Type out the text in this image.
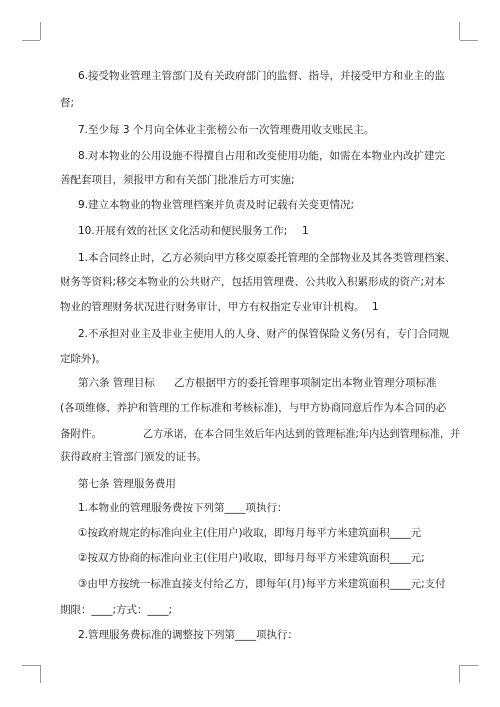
6.接受物业管理主管部门及有关政府部门的监督、指导，并接受甲方和业主的监
督;
7.至少每 3 个月向全体业主张榜公布一次管理费用收支账民主。
8.对本物业的公用设施不得擅自占用和改变使用功能，如需在本物业内改扩建完
善配套项目，须报甲方和有关部门批准后方可实施;
9.建立本物业的物业管理档案并负责及时记载有关变更情况;
10.开展有效的社区文化活动和便民服务工作; 1
1.本合同终止时，乙方必须向甲方移交原委托管理的全部物业及其各类管理档案、
财务等资料;移交本物业的公共财产，包括用管理费、公共收入积累形成的资产;对本
物业的管理财务状况进行财务审计，甲方有权指定专业审计机构。 1
2.不承担对业主及非业主使用人的人身、财产的保管保险义务(另有，专门合同规
定除外)。
第六条 管理目标 乙方根据甲方的委托管理事项制定出本物业管理分项标准
(各项维修、养护和管理的工作标准和考核标准)，与甲方协商同意后作为本合同的必
备附件。	乙方承诺，在本合同生效后年内达到的管理标准;年内达到管理标准，并
获得政府主管部门颁发的证书。
第七条 管理服务费用
1.本物业的管理服务费按下列第____项执行：
①按政府规定的标准向业主(住用户)收取，即每月每平方米建筑面积____元
②按双方协商的标准向业主(住用户)收取，即每月每平方米建筑面积____元;
③由甲方按统一标准直接支付给乙方，即每年(月)每平方米建筑面积____元;支付
期限：____;方式：____;
2.管理服务费标准的调整按下列第____项执行：
